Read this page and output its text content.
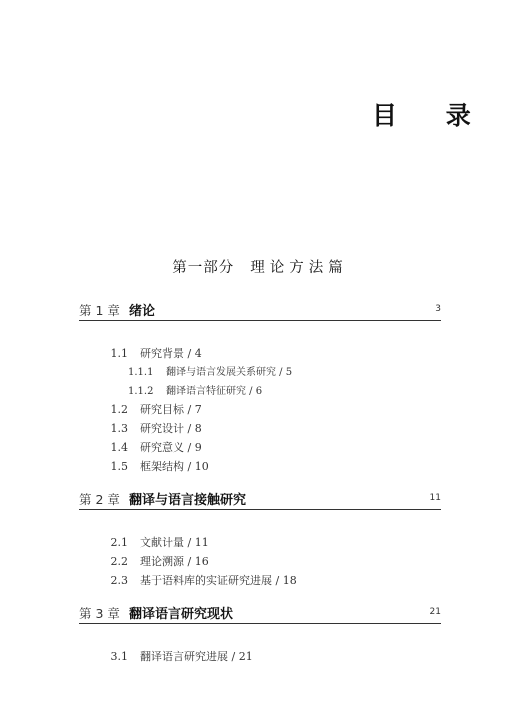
目 录
第一部分 理论方法篇
第 1 章 绪论	3
1.1 研究背景 / 4
1.1.1 翻译与语言发展关系研究 / 5
1.1.2 翻译语言特征研究 / 6
1.2 研究目标 / 7
1.3 研究设计 / 8
1.4 研究意义 / 9
1.5 框架结构 / 10
第 2 章 翻译与语言接触研究	11
2.1 文献计量 / 11
2.2 理论溯源 / 16
2.3 基于语料库的实证研究进展 / 18
第 3 章 翻译语言研究现状	21
3.1 翻译语言研究进展 / 21
